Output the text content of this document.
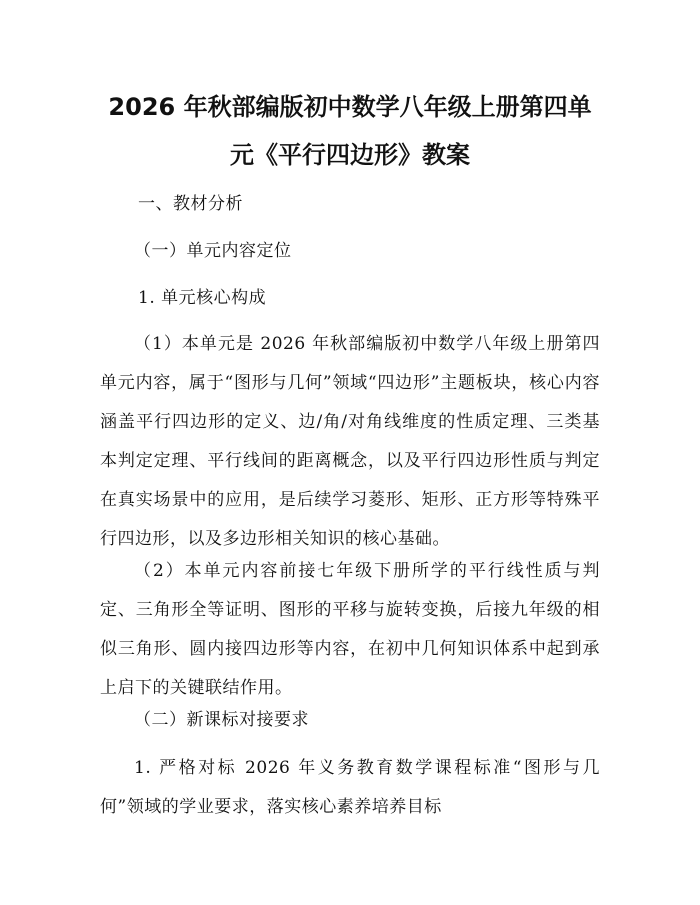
2026 年秋部编版初中数学八年级上册第四单
元《平行四边形》教案

一、教材分析

（一）单元内容定位

1. 单元核心构成

（1）本单元是 2026 年秋部编版初中数学八年级上册第四单元内容，属于“图形与几何”领域“四边形”主题板块，核心内容涵盖平行四边形的定义、边/角/对角线维度的性质定理、三类基本判定定理、平行线间的距离概念，以及平行四边形性质与判定在真实场景中的应用，是后续学习菱形、矩形、正方形等特殊平行四边形，以及多边形相关知识的核心基础。

（2）本单元内容前接七年级下册所学的平行线性质与判定、三角形全等证明、图形的平移与旋转变换，后接九年级的相似三角形、圆内接四边形等内容，在初中几何知识体系中起到承上启下的关键联结作用。

（二）新课标对接要求

1. 严格对标 2026 年义务教育数学课程标准“图形与几何”领域的学业要求，落实核心素养培养目标
